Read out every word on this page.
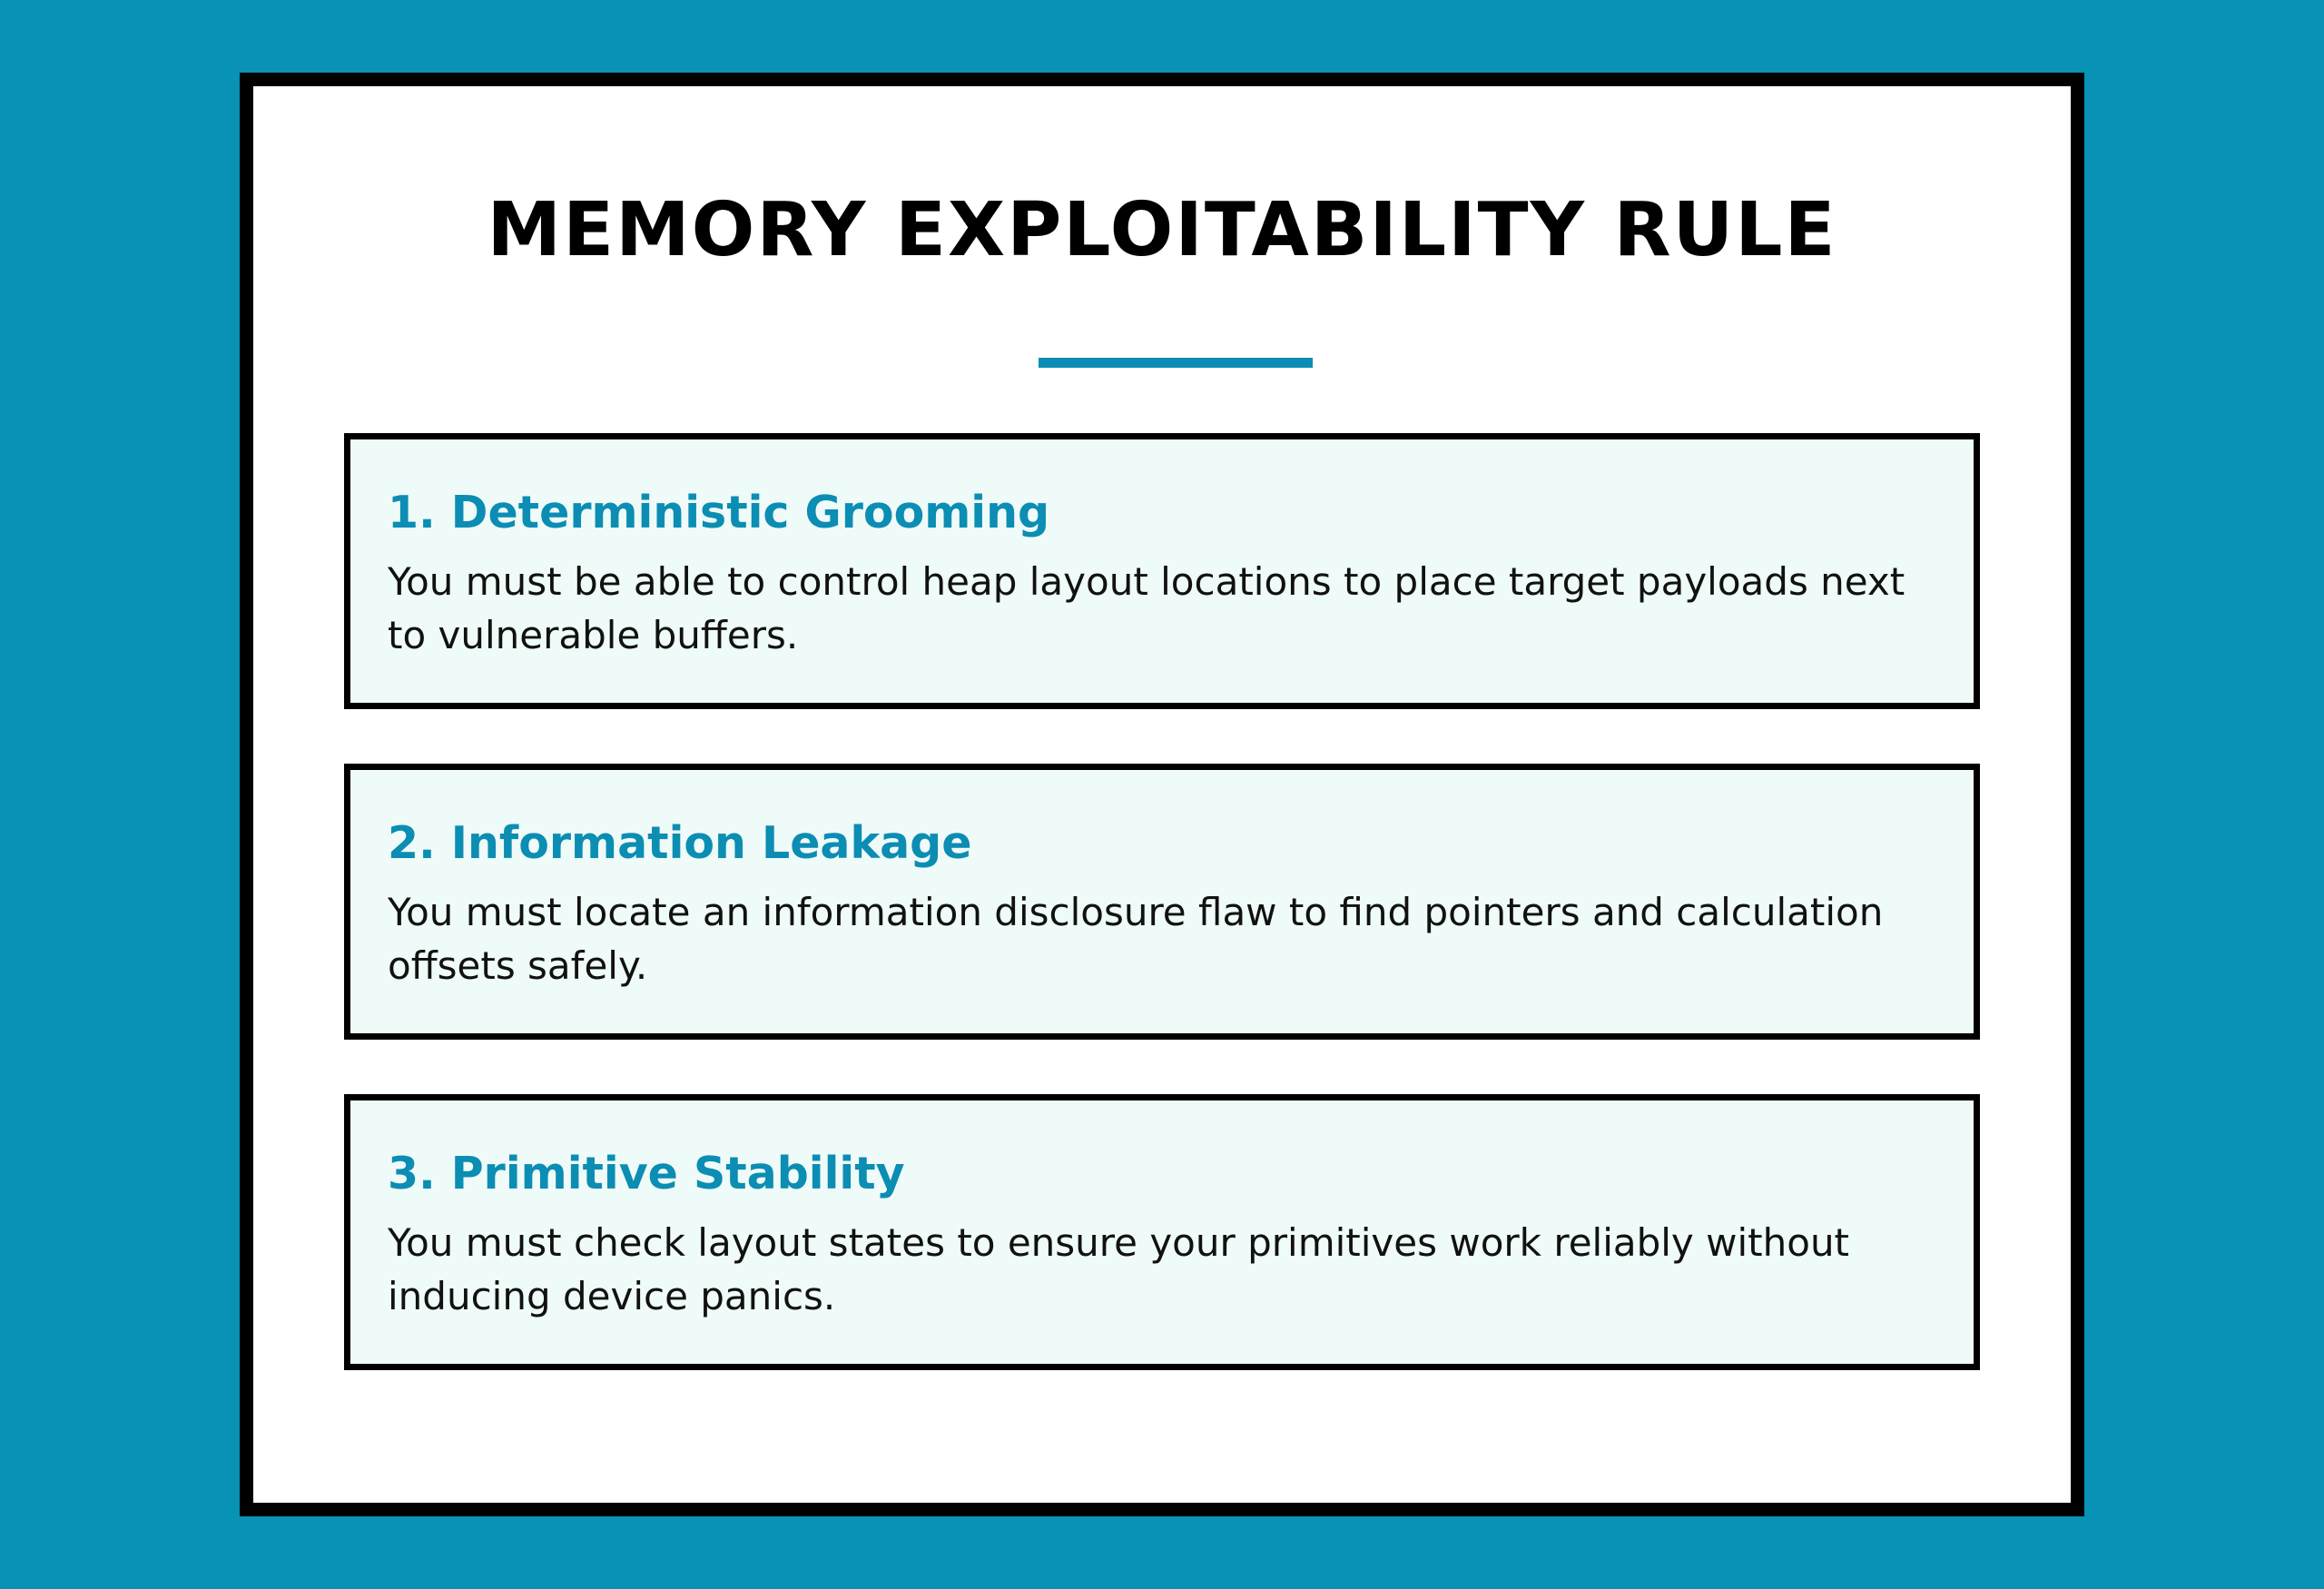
MEMORY EXPLOITABILITY RULE
1. Deterministic Grooming
You must be able to control heap layout locations to place target payloads next to vulnerable buffers.
2. Information Leakage
You must locate an information disclosure flaw to find pointers and calculation offsets safely.
3. Primitive Stability
You must check layout states to ensure your primitives work reliably without inducing device panics.
